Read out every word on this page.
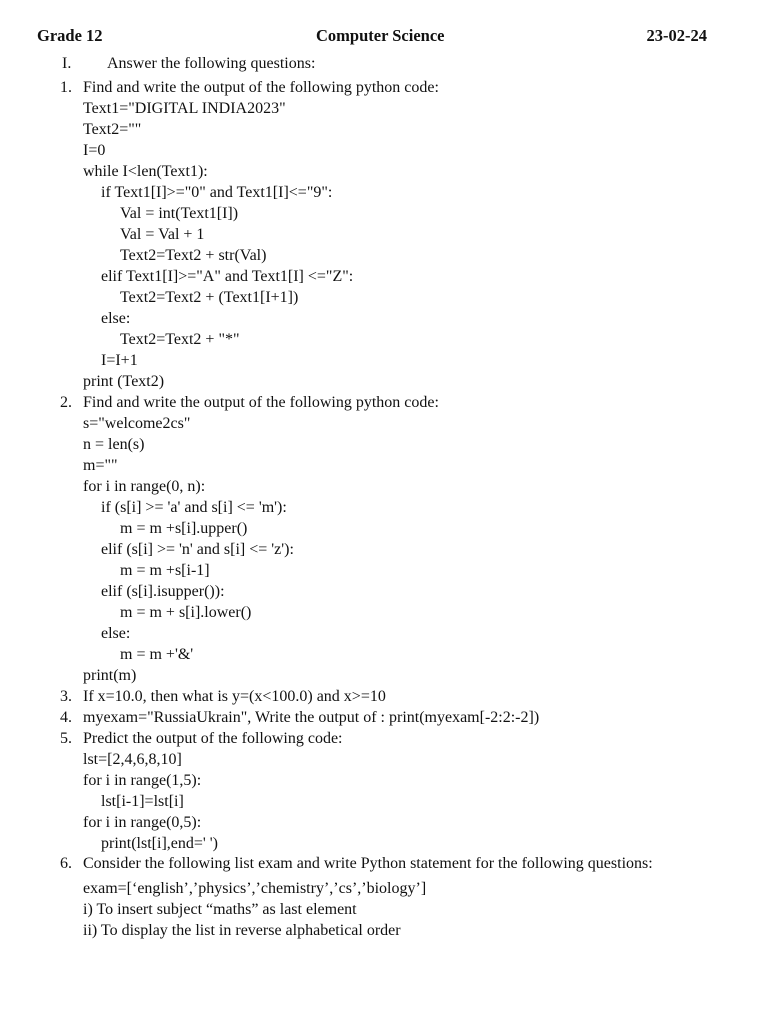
Grade 12	Computer Science	23-02-24
I. Answer the following questions:
1. Find and write the output of the following python code:
Text1="DIGITAL INDIA2023"
Text2=""
I=0
while I<len(Text1):
if Text1[I]>="0" and Text1[I]<="9":
Val = int(Text1[I])
Val = Val + 1
Text2=Text2 + str(Val)
elif Text1[I]>="A" and Text1[I] <="Z":
Text2=Text2 + (Text1[I+1])
else:
Text2=Text2 + "*"
I=I+1
print (Text2)
2. Find and write the output of the following python code:
s="welcome2cs"
n = len(s)
m=""
for i in range(0, n):
if (s[i] >= 'a' and s[i] <= 'm'):
m = m +s[i].upper()
elif (s[i] >= 'n' and s[i] <= 'z'):
m = m +s[i-1]
elif (s[i].isupper()):
m = m + s[i].lower()
else:
m = m +'&'
print(m)
3. If x=10.0, then what is y=(x<100.0) and x>=10
4. myexam="RussiaUkrain", Write the output of : print(myexam[-2:2:-2])
5. Predict the output of the following code:
lst=[2,4,6,8,10]
for i in range(1,5):
lst[i-1]=lst[i]
for i in range(0,5):
print(lst[i],end=' ')
6. Consider the following list exam and write Python statement for the following questions:
exam=[‘english’,’physics’,’chemistry’,’cs’,’biology’]
i) To insert subject “maths” as last element
ii) To display the list in reverse alphabetical order
